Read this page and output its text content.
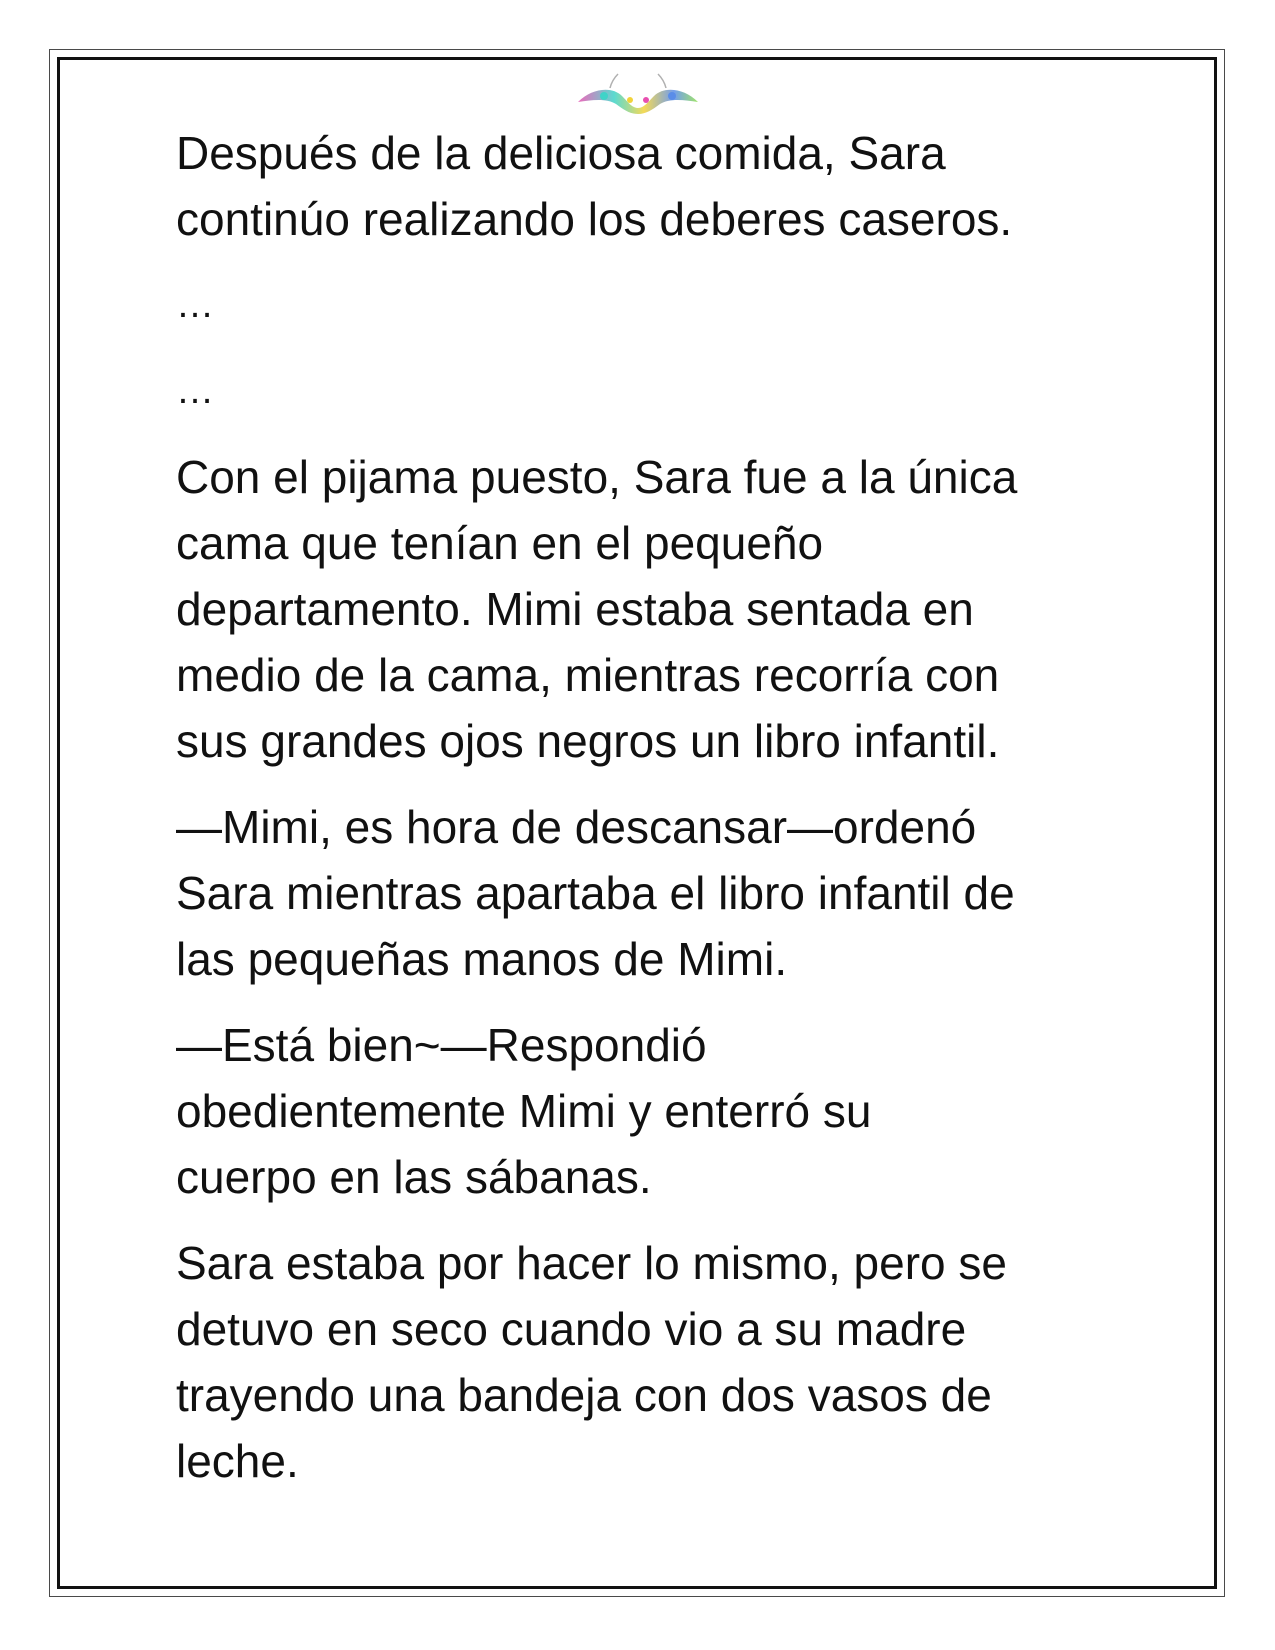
Después de la deliciosa comida, Sara
continúo realizando los deberes caseros.

…

…

Con el pijama puesto, Sara fue a la única
cama que tenían en el pequeño
departamento. Mimi estaba sentada en
medio de la cama, mientras recorría con
sus grandes ojos negros un libro infantil.

—Mimi, es hora de descansar—ordenó
Sara mientras apartaba el libro infantil de
las pequeñas manos de Mimi.

—Está bien~—Respondió
obedientemente Mimi y enterró su
cuerpo en las sábanas.

Sara estaba por hacer lo mismo, pero se
detuvo en seco cuando vio a su madre
trayendo una bandeja con dos vasos de
leche.
